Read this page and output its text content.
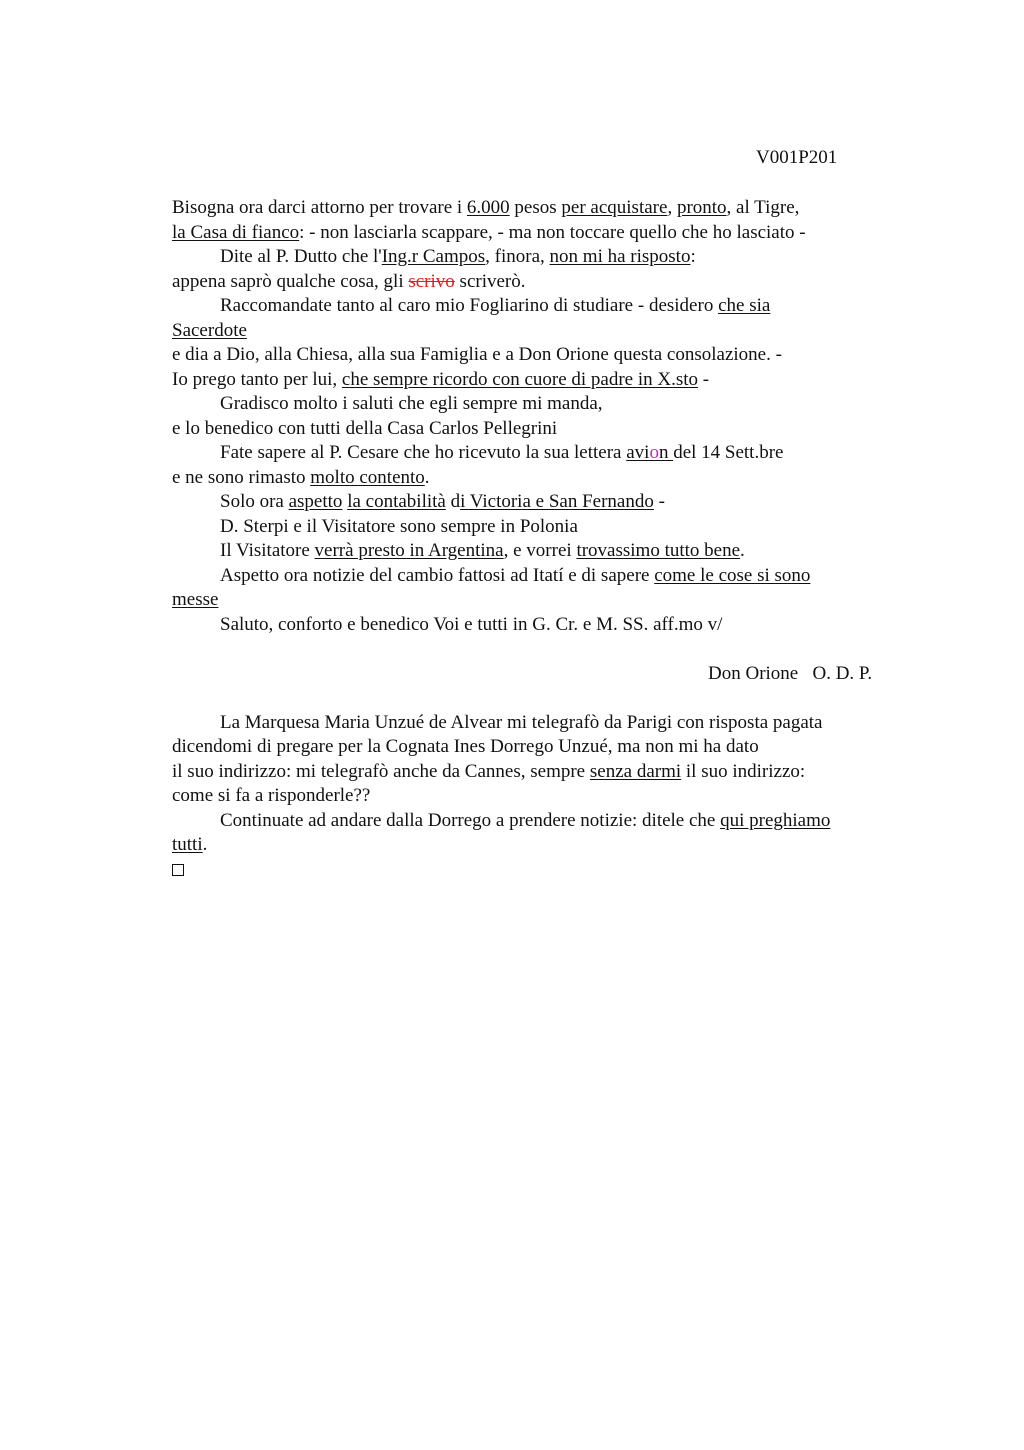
V001P201
Bisogna ora darci attorno per trovare i 6.000 pesos per acquistare, pronto, al Tigre,
la Casa di fianco: - non lasciarla scappare, - ma non toccare quello che ho lasciato -
Dite al P. Dutto che l'Ing.r Campos, finora, non mi ha risposto:
appena saprò qualche cosa, gli scrivo scriverò.
Raccomandate tanto al caro mio Fogliarino di studiare - desidero che sia
Sacerdote
e dia a Dio, alla Chiesa, alla sua Famiglia e a Don Orione questa consolazione. -
Io prego tanto per lui, che sempre ricordo con cuore di padre in X.sto -
Gradisco molto i saluti che egli sempre mi manda,
e lo benedico con tutti della Casa Carlos Pellegrini
Fate sapere al P. Cesare che ho ricevuto la sua lettera avion del 14 Sett.bre
e ne sono rimasto molto contento.
Solo ora aspetto la contabilità di Victoria e San Fernando -
D. Sterpi e il Visitatore sono sempre in Polonia
Il Visitatore verrà presto in Argentina, e vorrei trovassimo tutto bene.
Aspetto ora notizie del cambio fattosi ad Itatí e di sapere come le cose si sono
messe
Saluto, conforto e benedico Voi e tutti in G. Cr. e M. SS. aff.mo v/
Don Orione   O. D. P.
La Marquesa Maria Unzué de Alvear mi telegrafò da Parigi con risposta pagata
dicendomi di pregare per la Cognata Ines Dorrego Unzué, ma non mi ha dato
il suo indirizzo: mi telegrafò anche da Cannes, sempre senza darmi il suo indirizzo:
come si fa a risponderle??
Continuate ad andare dalla Dorrego a prendere notizie: ditele che qui preghiamo
tutti.
